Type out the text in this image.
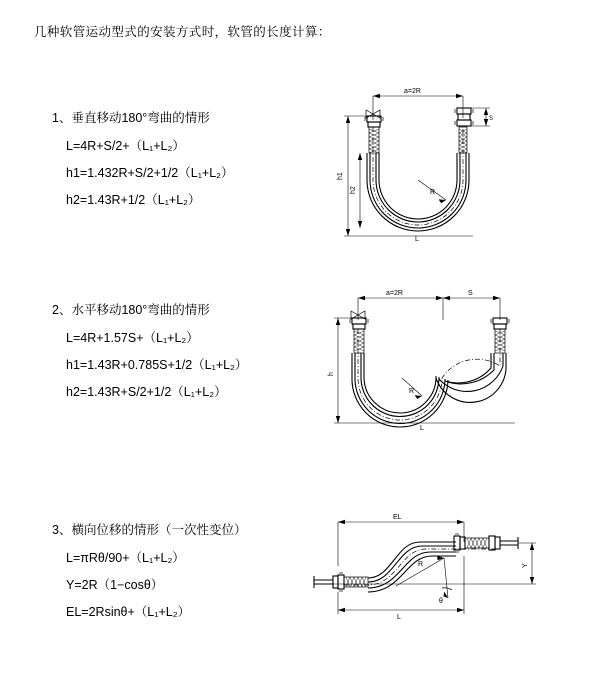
几种软管运动型式的安装方式时，软管的长度计算：
1、垂直移动180°弯曲的情形
L=4R+S/2+（L₁+L₂）
h1=1.432R+S/2+1/2（L₁+L₂）
h2=1.43R+1/2（L₁+L₂）
a=2R
S
h1
h2	R
L
2、水平移动180°弯曲的情形
L=4R+1.57S+（L₁+L₂）
h1=1.43R+0.785S+1/2（L₁+L₂）
h2=1.43R+S/2+1/2（L₁+L₂）
a=2R	S
h
R
L
3、横向位移的情形（一次性变位）
L=πRθ/90+（L₁+L₂）
Y=2R（1−cosθ）
EL=2Rsinθ+（L₁+L₂）
EL
Y
L
R
θ
